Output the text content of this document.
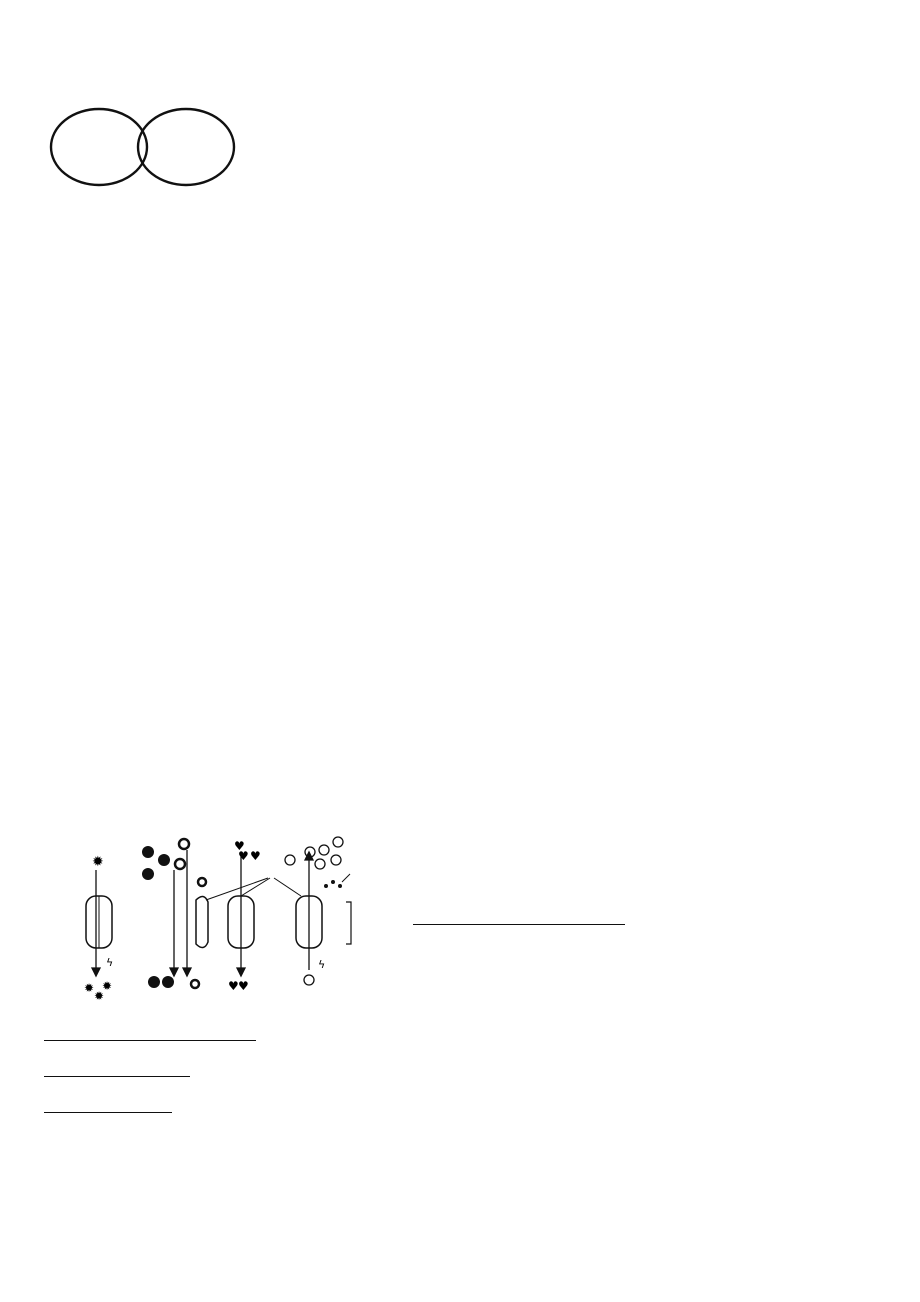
✹
♥
♥
♥
✹
✹
✹	♥ ♥
ϟ	ϟ
